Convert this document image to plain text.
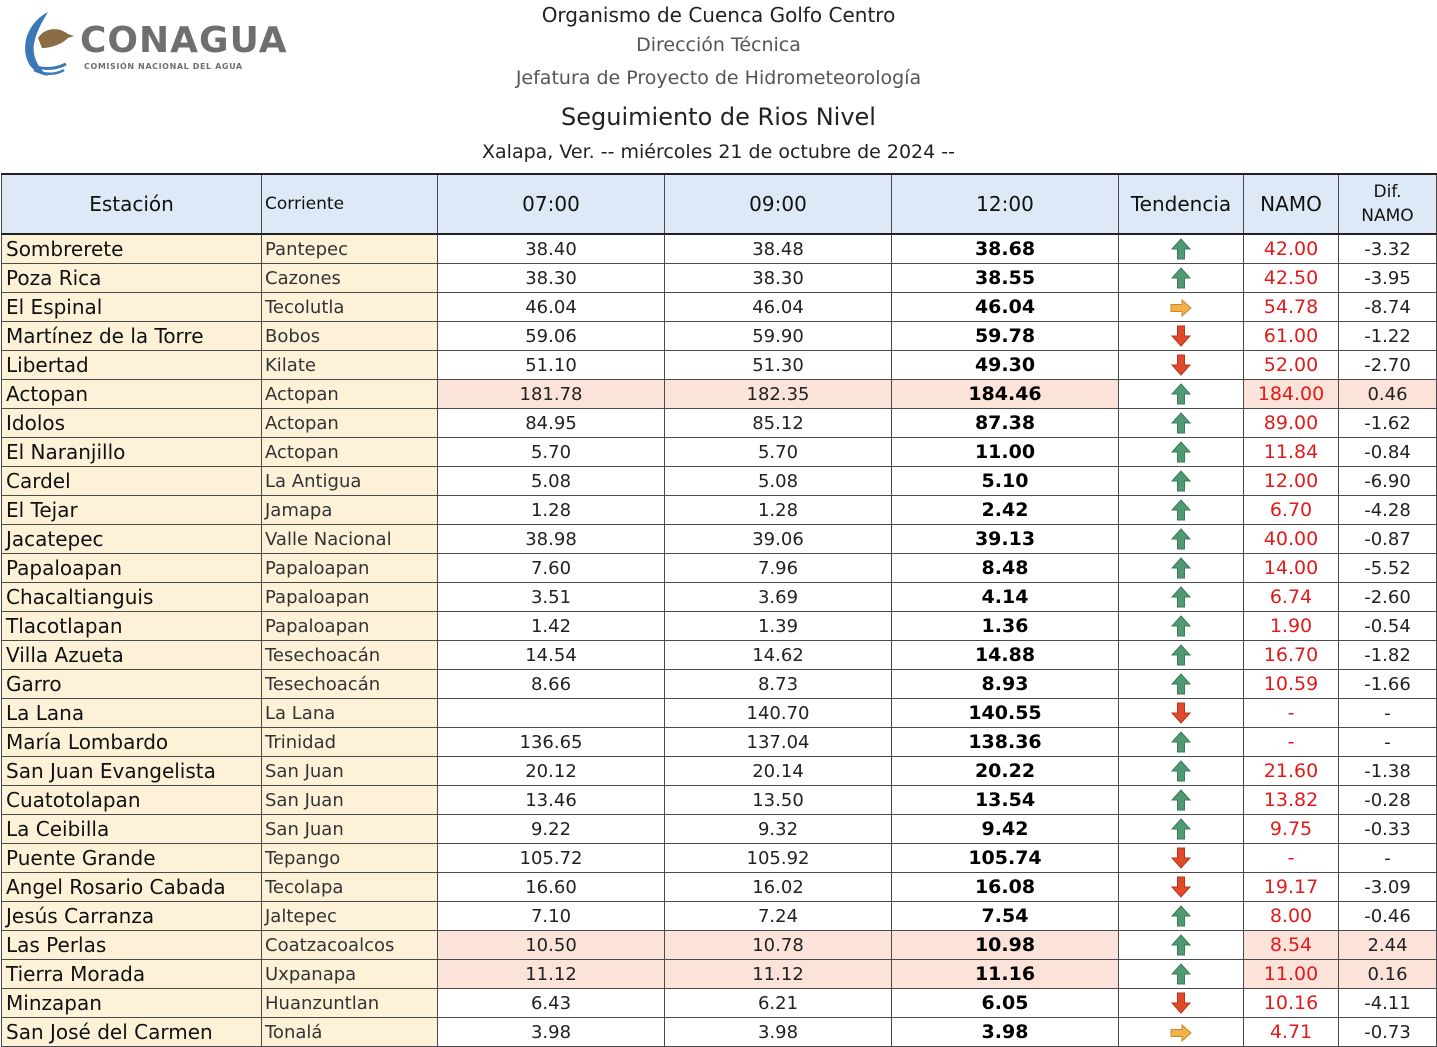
CONAGUA
COMISIÓN NACIONAL DEL AGUA
Organismo de Cuenca Golfo Centro
Dirección Técnica
Jefatura de Proyecto de Hidrometeorología
Seguimiento de Rios Nivel
Xalapa, Ver. -- miércoles 21 de octubre de 2024 --
Estación	Corriente	07:00	09:00	12:00	Tendencia	NAMO	Dif.
NAMO
Sombrerete	Pantepec	38.40	38.48	38.68		42.00	-3.32
Poza Rica	Cazones	38.30	38.30	38.55		42.50	-3.95
El Espinal	Tecolutla	46.04	46.04	46.04		54.78	-8.74
Martínez de la Torre	Bobos	59.06	59.90	59.78		61.00	-1.22
Libertad	Kilate	51.10	51.30	49.30		52.00	-2.70
Actopan	Actopan	181.78	182.35	184.46		184.00	0.46
Idolos	Actopan	84.95	85.12	87.38		89.00	-1.62
El Naranjillo	Actopan	5.70	5.70	11.00		11.84	-0.84
Cardel	La Antigua	5.08	5.08	5.10		12.00	-6.90
El Tejar	Jamapa	1.28	1.28	2.42		6.70	-4.28
Jacatepec	Valle Nacional	38.98	39.06	39.13		40.00	-0.87
Papaloapan	Papaloapan	7.60	7.96	8.48		14.00	-5.52
Chacaltianguis	Papaloapan	3.51	3.69	4.14		6.74	-2.60
Tlacotlapan	Papaloapan	1.42	1.39	1.36		1.90	-0.54
Villa Azueta	Tesechoacán	14.54	14.62	14.88		16.70	-1.82
Garro	Tesechoacán	8.66	8.73	8.93		10.59	-1.66
La Lana	La Lana		140.70	140.55		-	-
María Lombardo	Trinidad	136.65	137.04	138.36		-	-
San Juan Evangelista	San Juan	20.12	20.14	20.22		21.60	-1.38
Cuatotolapan	San Juan	13.46	13.50	13.54		13.82	-0.28
La Ceibilla	San Juan	9.22	9.32	9.42		9.75	-0.33
Puente Grande	Tepango	105.72	105.92	105.74		-	-
Angel Rosario Cabada	Tecolapa	16.60	16.02	16.08		19.17	-3.09
Jesús Carranza	Jaltepec	7.10	7.24	7.54		8.00	-0.46
Las Perlas	Coatzacoalcos	10.50	10.78	10.98		8.54	2.44
Tierra Morada	Uxpanapa	11.12	11.12	11.16		11.00	0.16
Minzapan	Huanzuntlan	6.43	6.21	6.05		10.16	-4.11
San José del Carmen	Tonalá	3.98	3.98	3.98		4.71	-0.73
